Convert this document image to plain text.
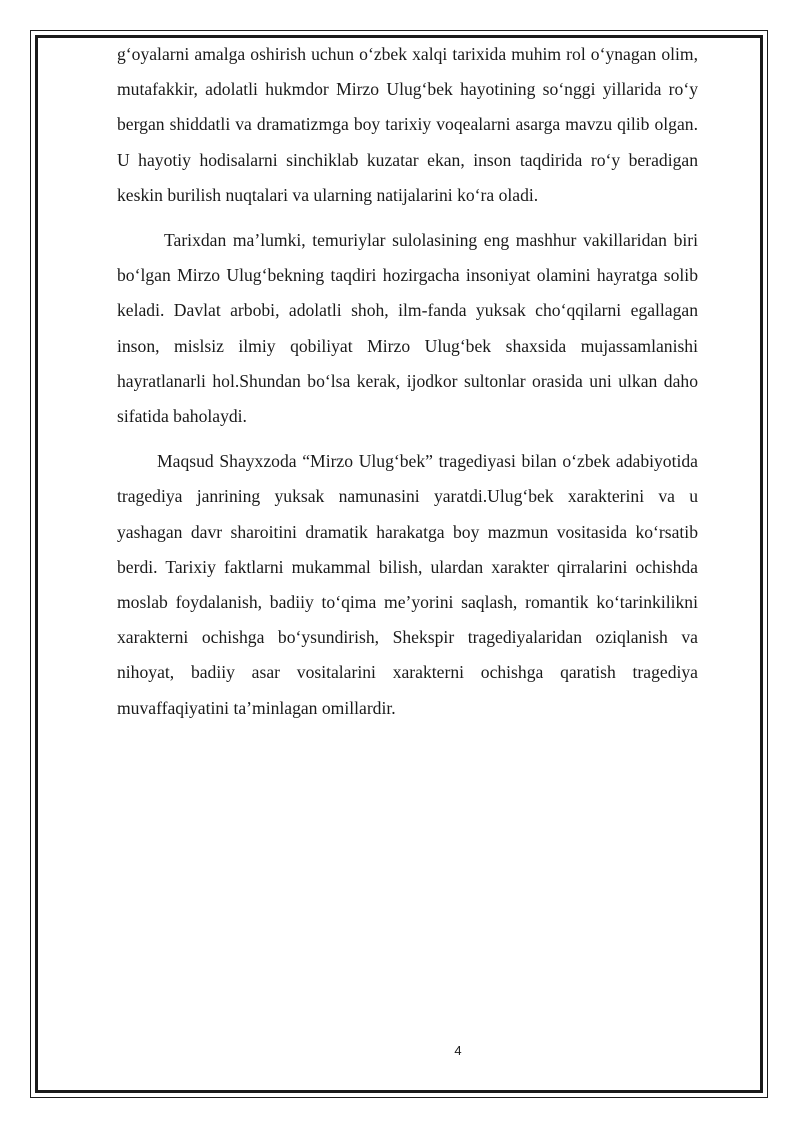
g‘oyalarni amalga oshirish uchun o‘zbek xalqi tarixida muhim rol o‘ynagan olim, mutafakkir, adolatli hukmdor Mirzo Ulug‘bek hayotining so‘nggi yillarida ro‘y bergan shiddatli va dramatizmga boy tarixiy voqealarni asarga mavzu qilib olgan. U hayotiy hodisalarni sinchiklab kuzatar ekan, inson taqdirida ro‘y beradigan keskin burilish nuqtalari va ularning natijalarini ko‘ra oladi.

Tarixdan ma’lumki, temuriylar sulolasining eng mashhur vakillaridan biri bo‘lgan Mirzo Ulug‘bekning taqdiri hozirgacha insoniyat olamini hayratga solib keladi. Davlat arbobi, adolatli shoh, ilm-fanda yuksak cho‘qqilarni egallagan inson, mislsiz ilmiy qobiliyat Mirzo Ulug‘bek shaxsida mujassamlanishi hayratlanarli hol.Shundan bo‘lsa kerak, ijodkor sultonlar orasida uni ulkan daho sifatida baholaydi.

Maqsud Shayxzoda “Mirzo Ulug‘bek” tragediyasi bilan o‘zbek adabiyotida tragediya janrining yuksak namunasini yaratdi.Ulug‘bek xarakterini va u yashagan davr sharoitini dramatik harakatga boy mazmun vositasida ko‘rsatib berdi. Tarixiy faktlarni mukammal bilish, ulardan xarakter qirralarini ochishda moslab foydalanish, badiiy to‘qima me’yorini saqlash, romantik ko‘tarinkilikni xarakterni ochishga bo‘ysundirish, Shekspir tragediyalaridan oziqlanish va nihoyat, badiiy asar vositalarini xarakterni ochishga qaratish tragediya muvaffaqiyatini ta’minlagan omillardir.

4
